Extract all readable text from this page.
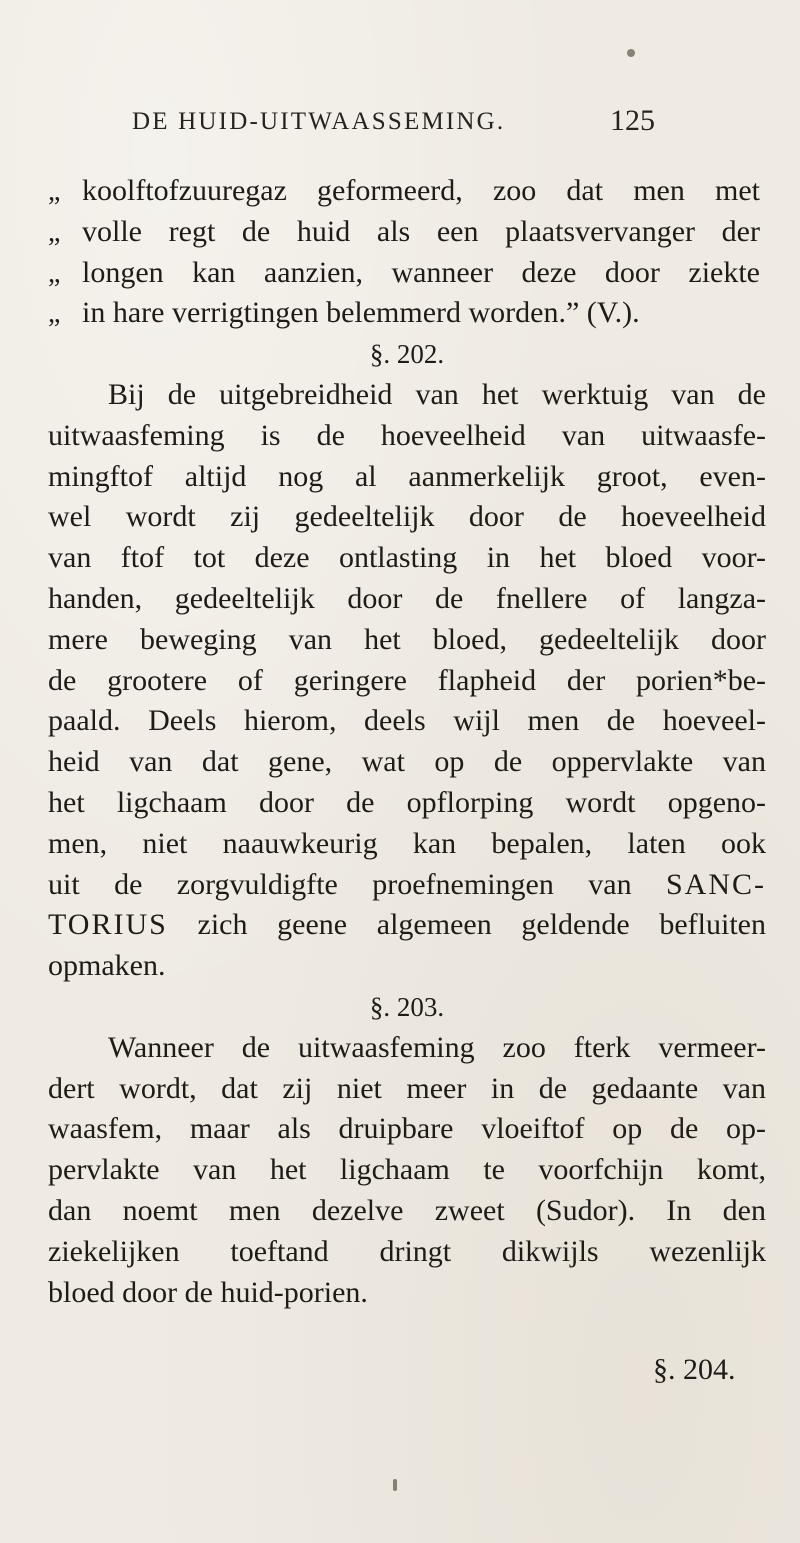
DE HUID-UITWAASSEMING.	125
„ koolftofzuuregaz geformeerd, zoo dat men met
„ volle regt de huid als een plaatsvervanger der
„ longen kan aanzien, wanneer deze door ziekte
„ in hare verrigtingen belemmerd worden.” (V.).
§. 202.
Bij de uitgebreidheid van het werktuig van de
uitwaasfeming is de hoeveelheid van uitwaasfe-
mingftof altijd nog al aanmerkelijk groot, even-
wel wordt zij gedeeltelijk door de hoeveelheid
van ftof tot deze ontlasting in het bloed voor-
handen, gedeeltelijk door de fnellere of langza-
mere beweging van het bloed, gedeeltelijk door
de grootere of geringere flapheid der porien*be-
paald. Deels hierom, deels wijl men de hoeveel-
heid van dat gene, wat op de oppervlakte van
het ligchaam door de opflorping wordt opgeno-
men, niet naauwkeurig kan bepalen, laten ook
uit de zorgvuldigfte proefnemingen van SANC-
TORIUS zich geene algemeen geldende befluiten
opmaken.
§. 203.
Wanneer de uitwaasfeming zoo fterk vermeer-
dert wordt, dat zij niet meer in de gedaante van
waasfem, maar als druipbare vloeiftof op de op-
pervlakte van het ligchaam te voorfchijn komt,
dan noemt men dezelve zweet (Sudor). In den
ziekelijken toeftand dringt dikwijls wezenlijk
bloed door de huid-porien.
§. 204.
